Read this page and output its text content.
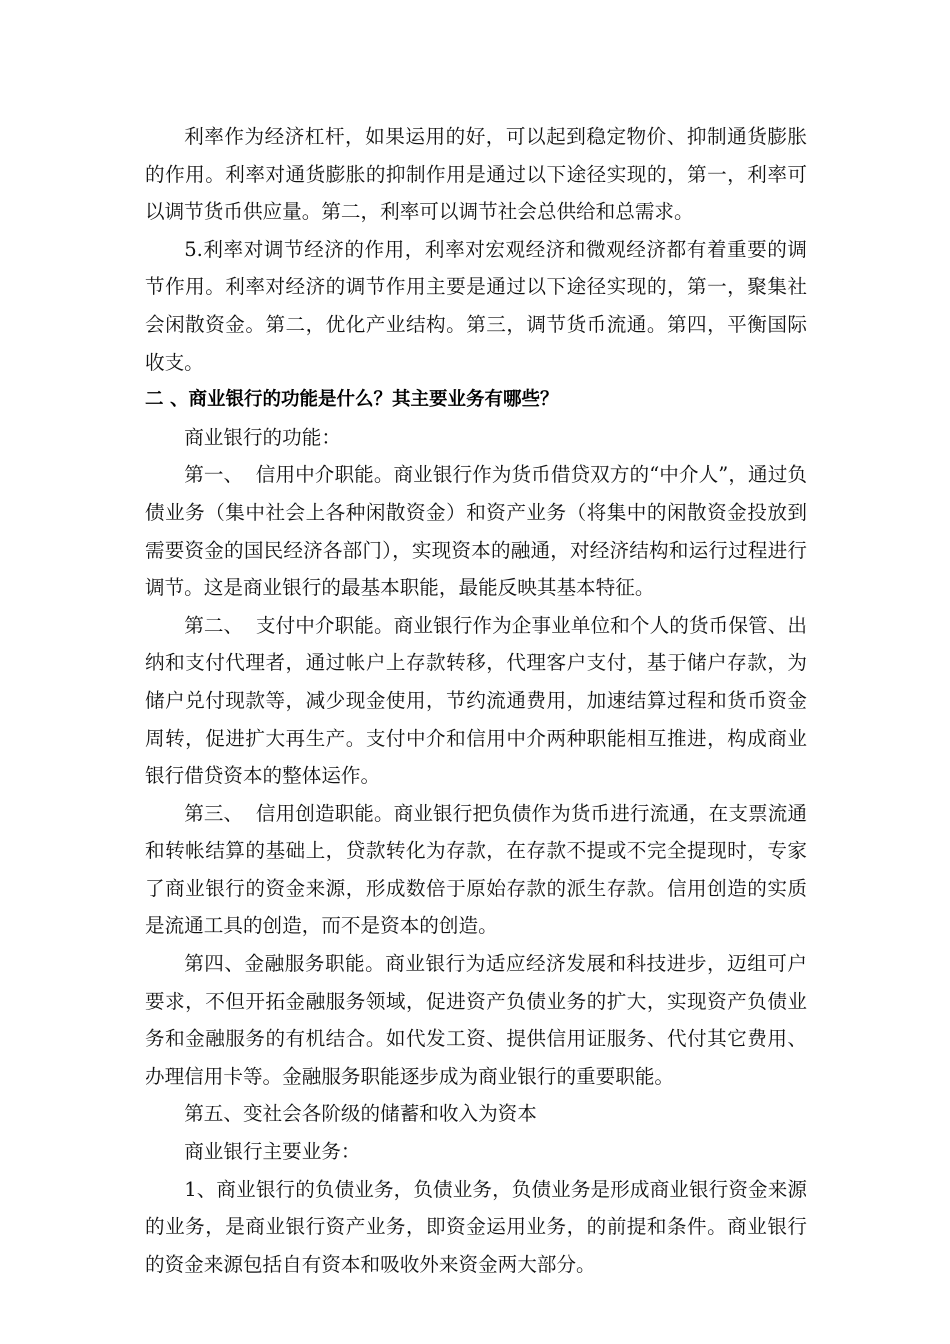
利率作为经济杠杆，如果运用的好，可以起到稳定物价、抑制通货膨胀的作用。利率对通货膨胀的抑制作用是通过以下途径实现的，第一，利率可以调节货币供应量。第二，利率可以调节社会总供给和总需求。

5.利率对调节经济的作用，利率对宏观经济和微观经济都有着重要的调节作用。利率对经济的调节作用主要是通过以下途径实现的，第一，聚集社会闲散资金。第二，优化产业结构。第三，调节货币流通。第四，平衡国际收支。

二 、商业银行的功能是什么？其主要业务有哪些？

商业银行的功能：

第一、  信用中介职能。商业银行作为货币借贷双方的“中介人”，通过负债业务（集中社会上各种闲散资金）和资产业务（将集中的闲散资金投放到需要资金的国民经济各部门），实现资本的融通，对经济结构和运行过程进行调节。这是商业银行的最基本职能，最能反映其基本特征。

第二、  支付中介职能。商业银行作为企事业单位和个人的货币保管、出纳和支付代理者，通过帐户上存款转移，代理客户支付，基于储户存款，为储户兑付现款等，减少现金使用，节约流通费用，加速结算过程和货币资金周转，促进扩大再生产。支付中介和信用中介两种职能相互推进，构成商业银行借贷资本的整体运作。

第三、  信用创造职能。商业银行把负债作为货币进行流通，在支票流通和转帐结算的基础上，贷款转化为存款，在存款不提或不完全提现时，专家了商业银行的资金来源，形成数倍于原始存款的派生存款。信用创造的实质是流通工具的创造，而不是资本的创造。

第四、金融服务职能。商业银行为适应经济发展和科技进步，迈组可户要求，不但开拓金融服务领域，促进资产负债业务的扩大，实现资产负债业务和金融服务的有机结合。如代发工资、提供信用证服务、代付其它费用、办理信用卡等。金融服务职能逐步成为商业银行的重要职能。

第五、变社会各阶级的储蓄和收入为资本

商业银行主要业务：

1、商业银行的负债业务，负债业务，负债业务是形成商业银行资金来源的业务，是商业银行资产业务，即资金运用业务，的前提和条件。商业银行的资金来源包括自有资本和吸收外来资金两大部分。
